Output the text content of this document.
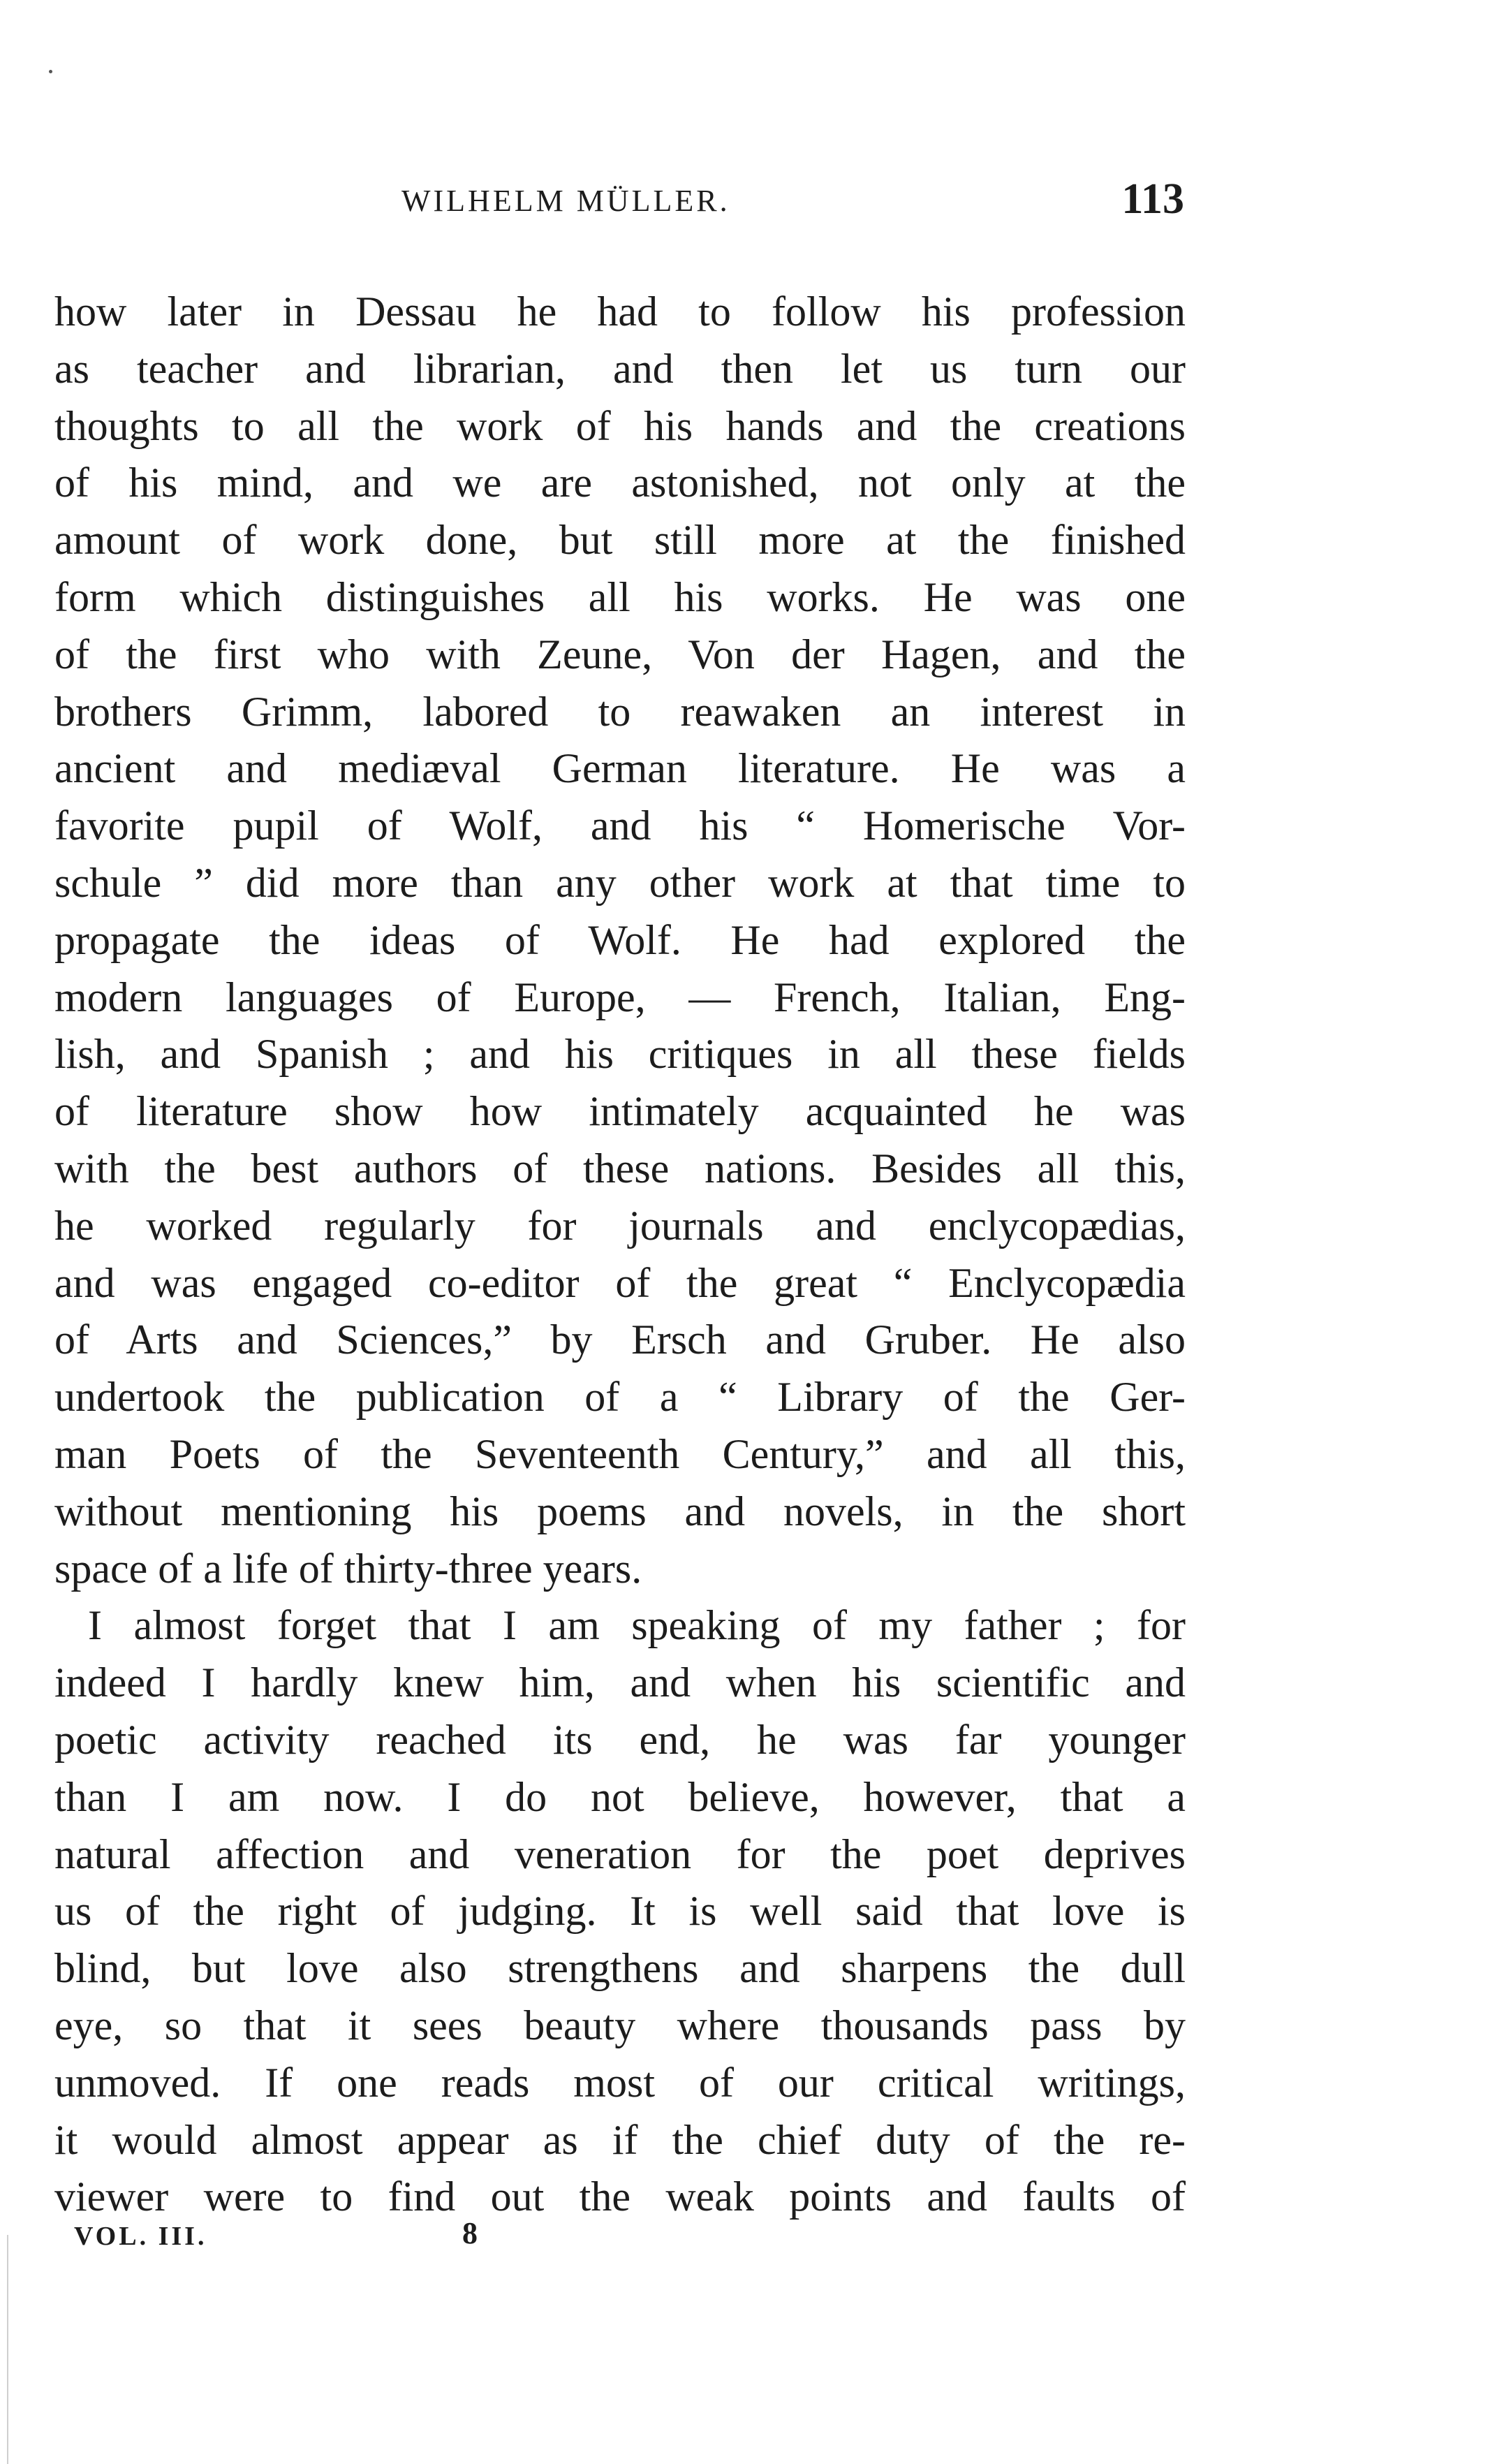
WILHELM MÜLLER.	113
how later in Dessau he had to follow his profession
as teacher and librarian, and then let us turn our
thoughts to all the work of his hands and the creations
of his mind, and we are astonished, not only at the
amount of work done, but still more at the finished
form which distinguishes all his works. He was one
of the first who with Zeune, Von der Hagen, and the
brothers Grimm, labored to reawaken an interest in
ancient and mediæval German literature. He was a
favorite pupil of Wolf, and his “ Homerische Vor-
schule ” did more than any other work at that time to
propagate the ideas of Wolf. He had explored the
modern languages of Europe, — French, Italian, Eng-
lish, and Spanish ; and his critiques in all these fields
of literature show how intimately acquainted he was
with the best authors of these nations. Besides all this,
he worked regularly for journals and enclycopædias,
and was engaged co-editor of the great “ Enclycopædia
of Arts and Sciences,” by Ersch and Gruber. He also
undertook the publication of a “ Library of the Ger-
man Poets of the Seventeenth Century,” and all this,
without mentioning his poems and novels, in the short
space of a life of thirty-three years.
I almost forget that I am speaking of my father ; for
indeed I hardly knew him, and when his scientific and
poetic activity reached its end, he was far younger
than I am now. I do not believe, however, that a
natural affection and veneration for the poet deprives
us of the right of judging. It is well said that love is
blind, but love also strengthens and sharpens the dull
eye, so that it sees beauty where thousands pass by
unmoved. If one reads most of our critical writings,
it would almost appear as if the chief duty of the re-
viewer were to find out the weak points and faults of
VOL. III.	8
